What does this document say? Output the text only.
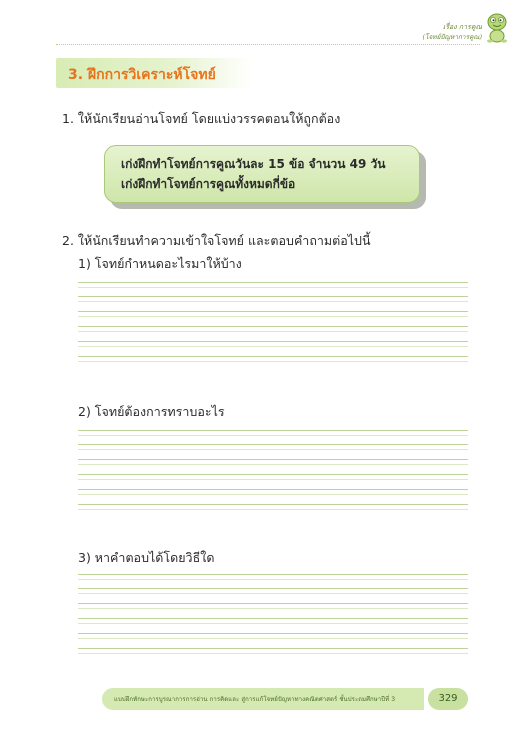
เรื่อง การคูณ
(โจทย์ปัญหาการคูณ)
3. ฝึกการวิเคราะห์โจทย์
1. ให้นักเรียนอ่านโจทย์ โดยแบ่งวรรคตอนให้ถูกต้อง
เก่งฝึกทำโจทย์การคูณวันละ 15 ข้อ จำนวน 49 วัน
เก่งฝึกทำโจทย์การคูณทั้งหมดกี่ข้อ
2. ให้นักเรียนทำความเข้าใจโจทย์ และตอบคำถามต่อไปนี้
1) โจทย์กำหนดอะไรมาให้บ้าง
2) โจทย์ต้องการทราบอะไร
3) หาคำตอบได้โดยวิธีใด
แบบฝึกทักษะการบูรณาการการอ่าน การคิดและ สู่การแก้โจทย์ปัญหาทางคณิตศาสตร์ ชั้นประถมศึกษาปีที่ 3	329
